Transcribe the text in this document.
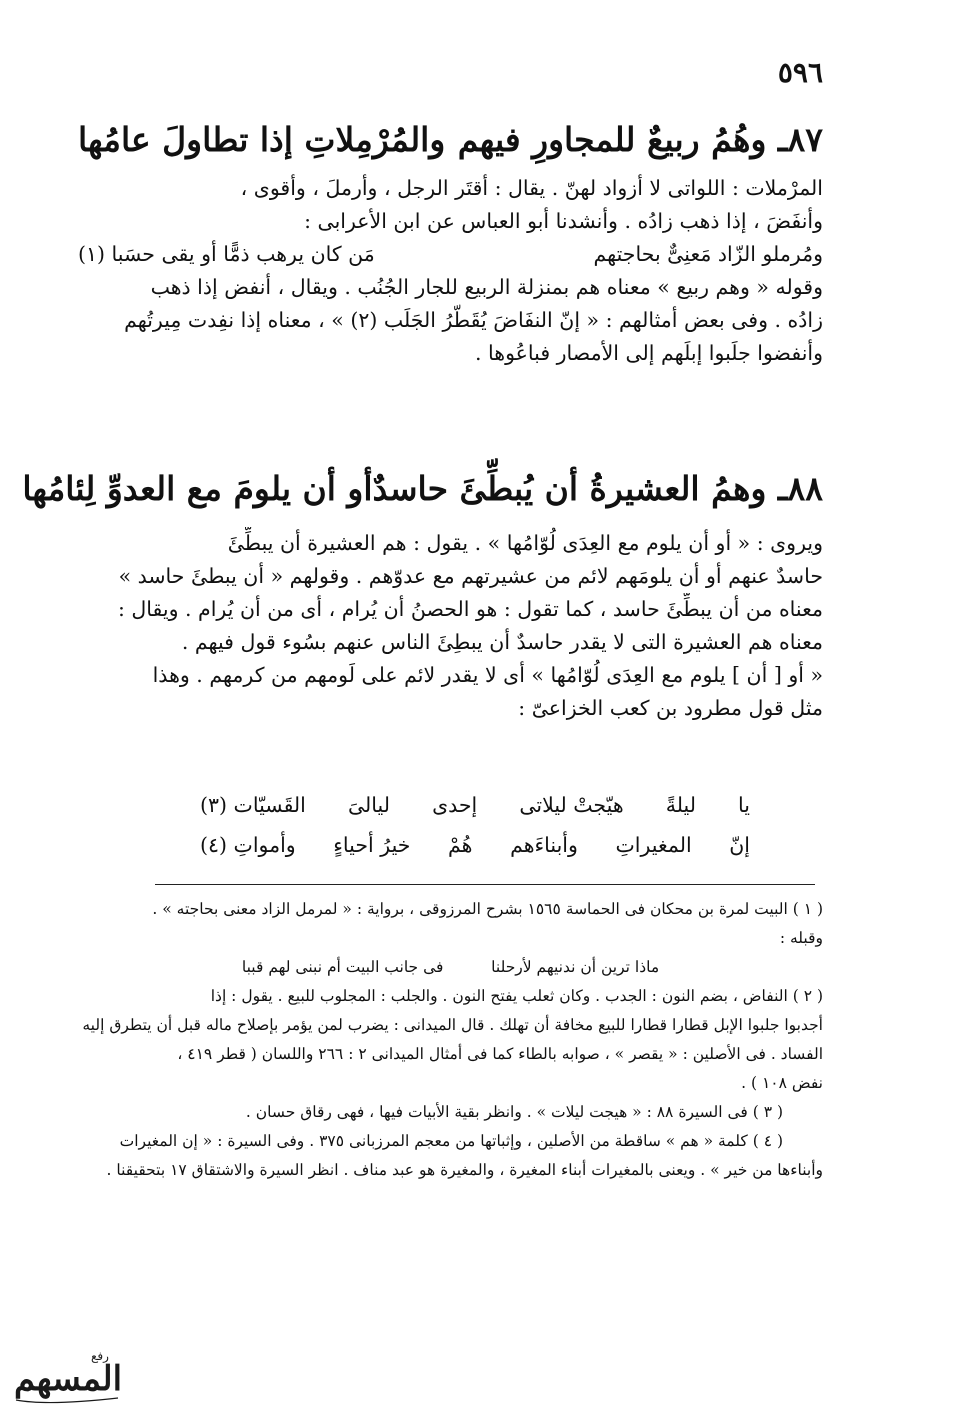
٥٩٦
٨٧ـ وهُمُ ربيعٌ للمجاورِ فيهم
والمُرْمِلاتِ إذا تطاولَ عامُها

المرْملات : اللواتى لا أزواد لهنّ . يقال : أقتَر الرجل ، وأرملَ ، وأقوى ،

وأنفَضَ ، إذا ذهب زادُه . وأنشدنا أبو العباس عن ابن الأعرابى :

ومُرملو الزّاد مَعنِىٌّ بحاجتهم
مَن كان يرهب ذمًّا أو يقى حسَبا (١)

وقوله « وهم ربيع » معناه هم بمنزلة الربيع للجار الجُنُب . ويقال ، أنفض إذا ذهب

زادُه . وفى بعض أمثالهم : « إنّ النفَاضَ يُقَطّرُ الجَلَب (٢) » ، معناه إذا نفِدت مِيرتُهم

وأنفضوا جلَبوا إبلَهم إلى الأمصار فباعُوها .

٨٨ـ وهمُ العشيرةُ أن يُبطِّئَ حاسدٌ
أو أن يلومَ مع العدوِّ لِئامُها

ويروى : « أو أن يلوم مع العِدَى لُوّامُها » . يقول : هم العشيرة أن يبطِّئَ

حاسدٌ عنهم أو أن يلومَهم لائم من عشيرتهم مع عدوّهم . وقولهم « أن يبطئَ حاسد »

معناه من أن يبطِّئَ حاسد ، كما تقول : هو الحصنُ أن يُرام ، أى من أن يُرام . ويقال :

معناه هم العشيرة التى لا يقدر حاسدٌ أن يبطِئَ الناس عنهم بسُوء قول فيهم .

« أو [ أن ] يلوم مع العِدَى لُوّامُها » أى لا يقدر لائم على لَومهم من كرمهم . وهذا

مثل قول مطرود بن كعب الخزاعىّ :

يا
ليلةً
هيّجتْ ليلاتى
إحدى
ليالىَ
القَسيّات (٣)
إنّ
المغيراتِ
وأبناءَهم
هُمْ
خيرُ أحياءٍ
وأمواتِ (٤)

( ١ ) البيت لمرة بن محكان فى الحماسة ١٥٦٥ بشرح المرزوقى ، برواية : « لمرمل الزاد معنى بحاجته » .

وقبله :

ماذا ترين أن ندنيهم لأرحلنا
فى جانب البيت أم نبنى لهم قببا

( ٢ ) النفاض ، بضم النون : الجدب . وكان ثعلب يفتح النون . والجلب : المجلوب للبيع . يقول : إذا

أجدبوا جلبوا الإبل قطارا قطارا للبيع مخافة أن تهلك . قال الميدانى : يضرب لمن يؤمر بإصلاح ماله قبل أن يتطرق إليه

الفساد . فى الأصلين : « يقصر » ، صوابه بالطاء كما فى أمثال الميدانى ٢ : ٢٦٦ واللسان ( قطر ٤١٩ ،

نفض ١٠٨ ) .

( ٣ ) فى السيرة ٨٨ : « هيجت ليلات » . وانظر بقية الأبيات فيها ، فهى رقاق حسان .

( ٤ ) كلمة « هم » ساقطة من الأصلين ، وإثباتها من معجم المرزبانى ٣٧٥ . وفى السيرة : « إن المغيرات

وأبناءها من خير » . ويعنى بالمغيرات أبناء المغيرة ، والمغيرة هو عبد مناف . انظر السيرة والاشتقاق ١٧ بتحقيقنا .

المسهم
رفع
